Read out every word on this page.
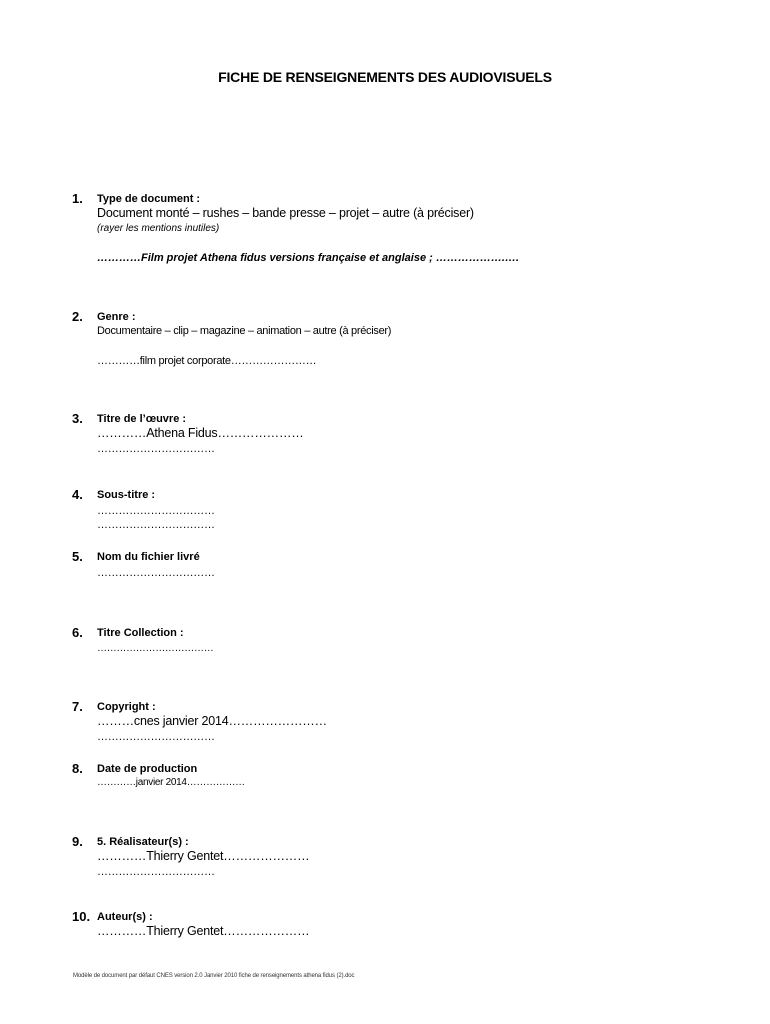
FICHE DE RENSEIGNEMENTS DES AUDIOVISUELS
1. Type de document :
Document monté – rushes – bande presse – projet – autre (à préciser)
(rayer les mentions inutiles)
…………Film projet Athena fidus versions française et anglaise ; ……………….….
2. Genre :
Documentaire – clip – magazine – animation – autre (à préciser)
…………film projet corporate……………………
3. Titre de l’œuvre :
…………Athena Fidus…………………
……………………………
4. Sous-titre :
……………………………
……………………………
5. Nom du fichier livré
……………………………
6. Titre Collection :
………………………………
7. Copyright :
………cnes janvier 2014……………………
……………………………
8. Date de production
…………janvier 2014………………
9. 5. Réalisateur(s) :
…………Thierry Gentet…………………
……………………………
10. Auteur(s) :
…………Thierry Gentet…………………
Modèle de document par défaut CNES version 2.0 Janvier 2010 fiche de renseignements athena fidus (2).doc
